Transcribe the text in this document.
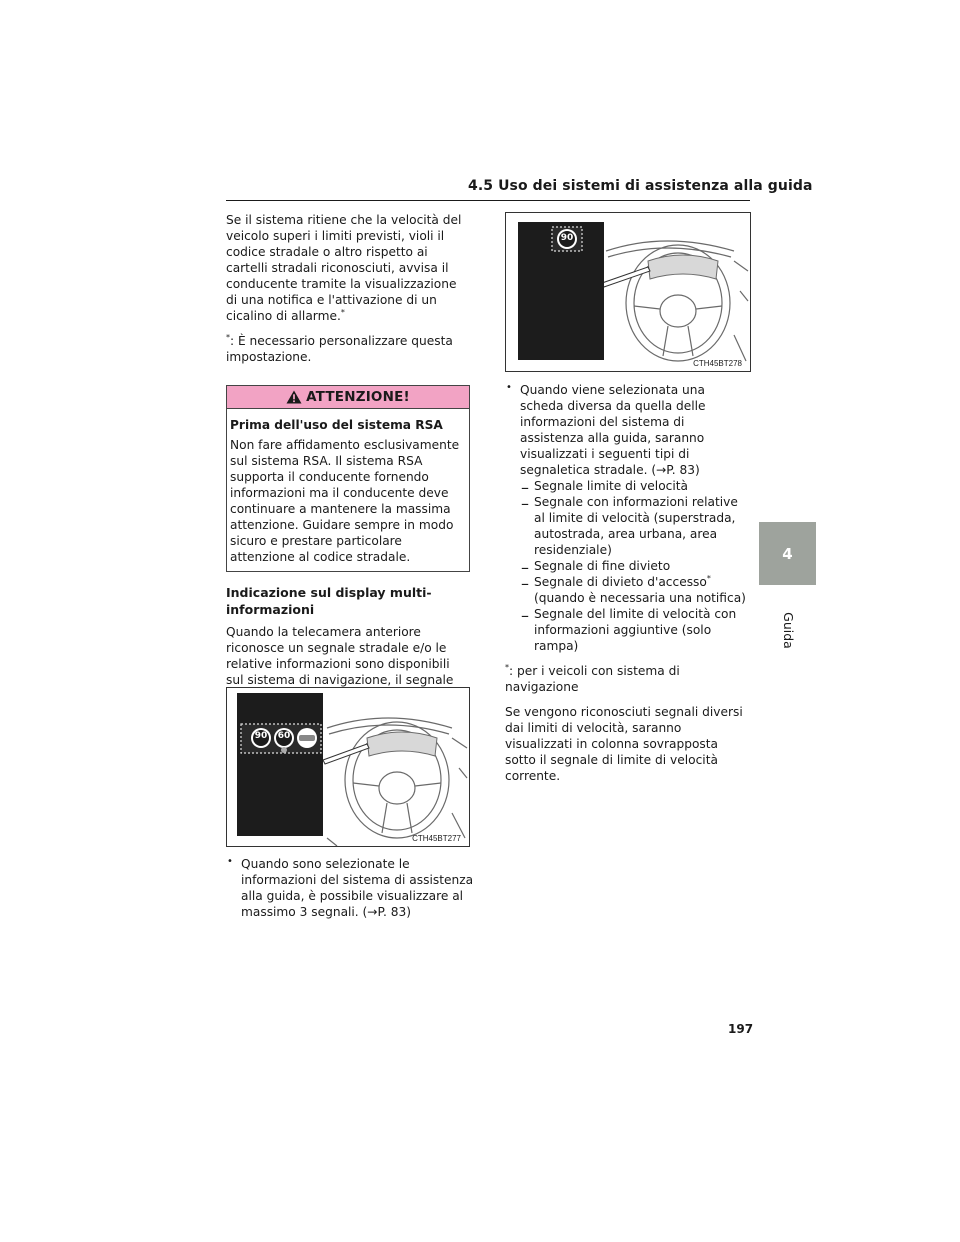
4.5 Uso dei sistemi di assistenza alla guida

Se il sistema ritiene che la velocità del veicolo superi i limiti previsti, violi il codice stradale o altro rispetto ai cartelli stradali riconosciuti, avvisa il conducente tramite la visualizzazione di una notifica e l'attivazione di un cicalino di allarme.*

*: È necessario personalizzare questa impostazione.

ATTENZIONE!
Prima dell'uso del sistema RSA

Non fare affidamento esclusivamente sul sistema RSA. Il sistema RSA supporta il conducente fornendo informazioni ma il conducente deve continuare a mantenere la massima attenzione. Guidare sempre in modo sicuro e prestare particolare attenzione al codice stradale.

Indicazione sul display multi-informazioni

Quando la telecamera anteriore riconosce un segnale stradale e/o le relative informazioni sono disponibili sul sistema di navigazione, il segnale

90	60
CTH45BT277

• Quando sono selezionate le informazioni del sistema di assistenza alla guida, è possibile visualizzare al massimo 3 segnali. (→P. 83)

90
CTH45BT278

• Quando viene selezionata una scheda diversa da quella delle informazioni del sistema di assistenza alla guida, saranno visualizzati i seguenti tipi di segnaletica stradale. (→P. 83)

– Segnale limite di velocità

– Segnale con informazioni relative al limite di velocità (superstrada, autostrada, area urbana, area residenziale)

– Segnale di fine divieto

– Segnale di divieto d'accesso*
(quando è necessaria una notifica)

– Segnale del limite di velocità con informazioni aggiuntive (solo rampa)

*: per i veicoli con sistema di navigazione

Se vengono riconosciuti segnali diversi dai limiti di velocità, saranno visualizzati in colonna sovrapposta sotto il segnale di limite di velocità corrente.

4
Guida
197
